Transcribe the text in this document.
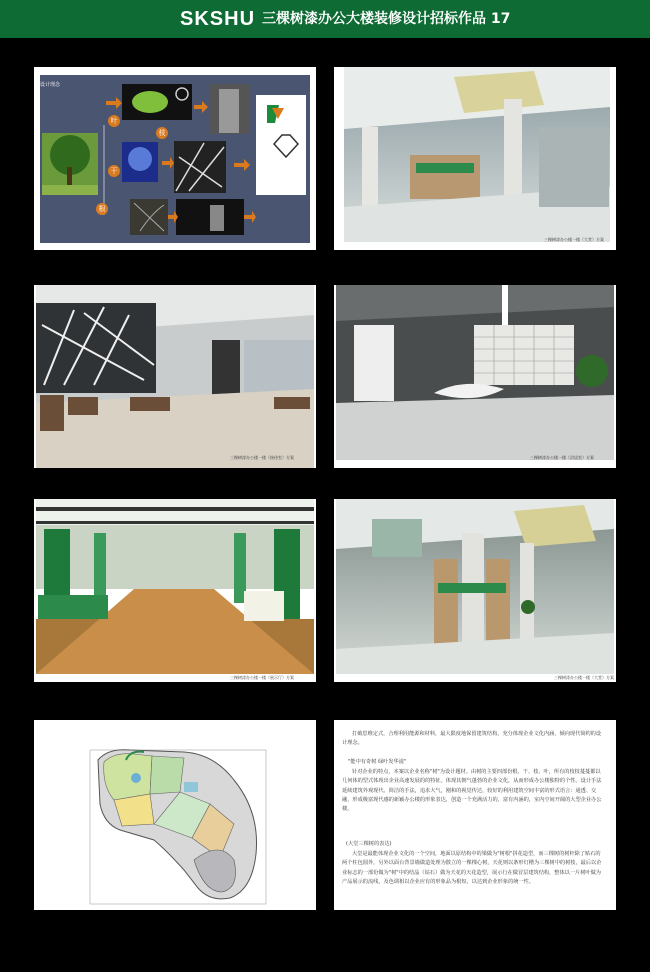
SKSHU 三棵树漆办公大楼装修设计招标作品 17
设计理念
叶
枝
干
根
三棵树漆办公楼一楼（大堂）方案
三棵树漆办公楼一楼（接待室）方案	三棵树漆办公楼一楼（洽谈室）方案
三棵树漆办公楼一楼（展示厅）方案	三棵树漆办公楼一楼（大堂）方案

打破思维定式，合理利用能源和材料，最大限度地保留建筑结构，充分体现企业文化内涵，倾向现代简约的设计理念。

"能中有奇树 绿叶发华滋"

针对企业的特点，本案以企业名称"树"为设计题材。由树的主要四部份根、干、枝、叶，所有的枝枝蔓蔓都以几何体的型式体现出企业高速发展的的特征。体现其朝气蓬勃的企业文化，从而形成办公楼独特的个性。设计手法延续建筑外观现代、简洁的手法，追求大气，刚和的视觉传达，较好的利用建筑空间丰富的形式语言：通透、交融，形成极富现代感的新颖办公楼的形象表达，创造一个充满活力的，富有内涵的，室内空间开阔的大型企业办公楼。

(大堂三棵树的表达)

大堂是最能体现企业文化的一个空间，地面以原结构中的梁做为"树根"拼花造型，而三棵树的树杆除了贴石的两个柱包圆外，另外以面台背景墙做造处理为散立的一棵棵心树，天花则以条形灯槽为三棵树中的树枝，最后以企业标志的一部份做为"树"中的结晶（钻石）做为天花的天花造型，展示行在做冒层建筑结构，整体以一片树叶做为产品展示的流线，及色调相以企业应有的形象品为根短，以达到企业形象的统一性。
